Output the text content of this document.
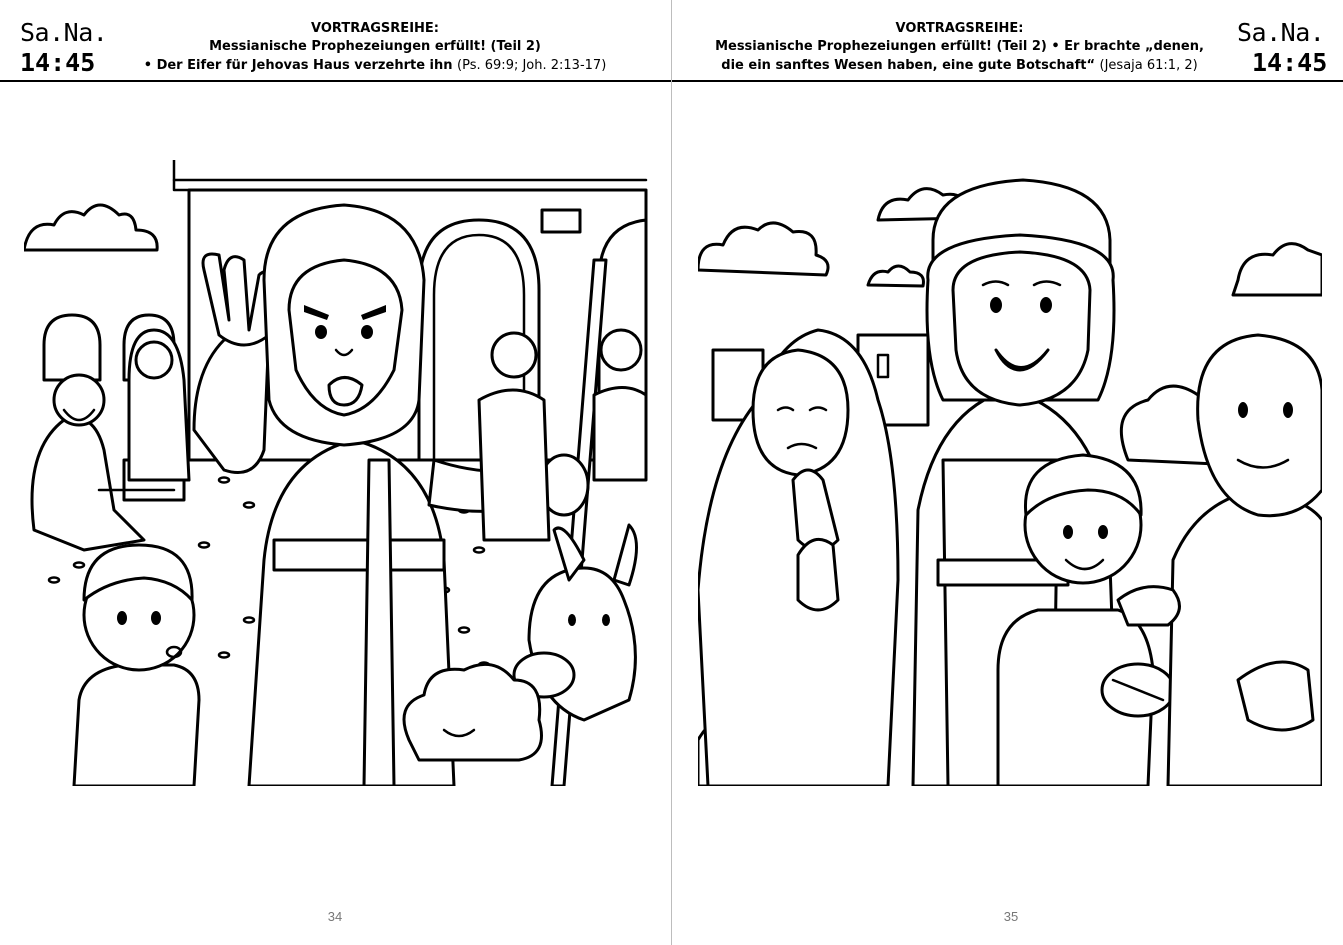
Sa.Na.
14:45
VORTRAGSREIHE:
Messianische Prophezeiungen erfüllt! (Teil 2)
• Der Eifer für Jehovas Haus verzehrte ihn (Ps. 69:9; Joh. 2:13-17)
34
Sa.Na.
14:45
VORTRAGSREIHE:
Messianische Prophezeiungen erfüllt! (Teil 2) • Er brachte „denen,
die ein sanftes Wesen haben, eine gute Botschaft“ (Jesaja 61:1, 2)
35
